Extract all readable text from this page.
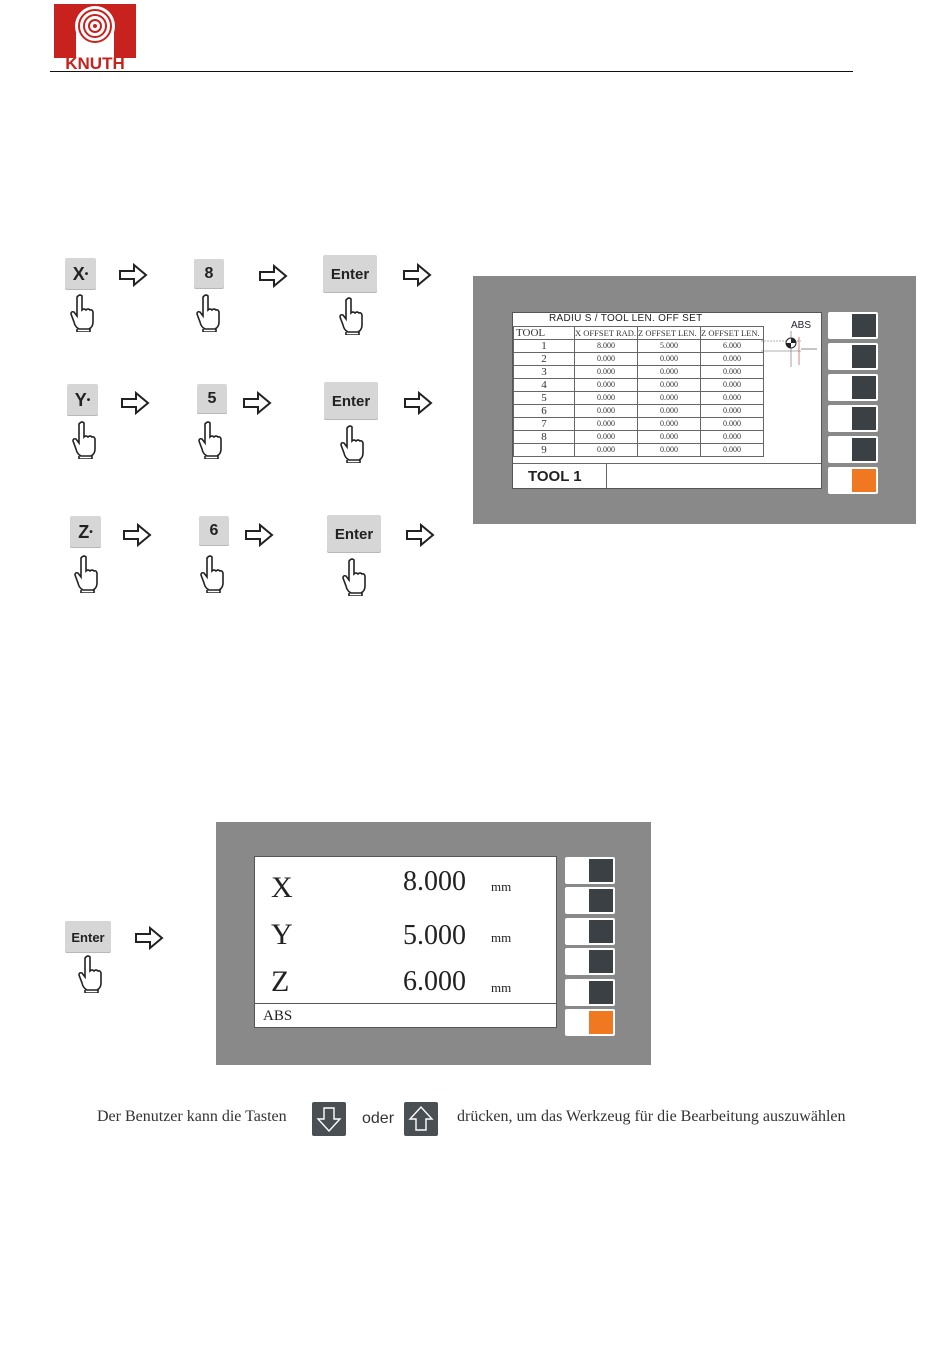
KNUTH
X •	8	Enter
Y •	5	Enter
Z •	6	Enter
RADIU S / TOOL LEN. OFF SET
TOOL	X OFFSET RAD.	Z OFFSET LEN.	Z OFFSET LEN.
1	8.000	5.000	6.000
2	0.000	0.000	0.000
3	0.000	0.000	0.000
4	0.000	0.000	0.000
5	0.000	0.000	0.000
6	0.000	0.000	0.000
7	0.000	0.000	0.000
8	0.000	0.000	0.000
9	0.000	0.000	0.000
ABS
TOOL 1
Enter
X	8.000 mm
Y	5.000 mm
Z	6.000 mm
ABS
Der Benutzer kann die Tasten	oder	drücken, um das Werkzeug für die Bearbeitung auszuwählen
